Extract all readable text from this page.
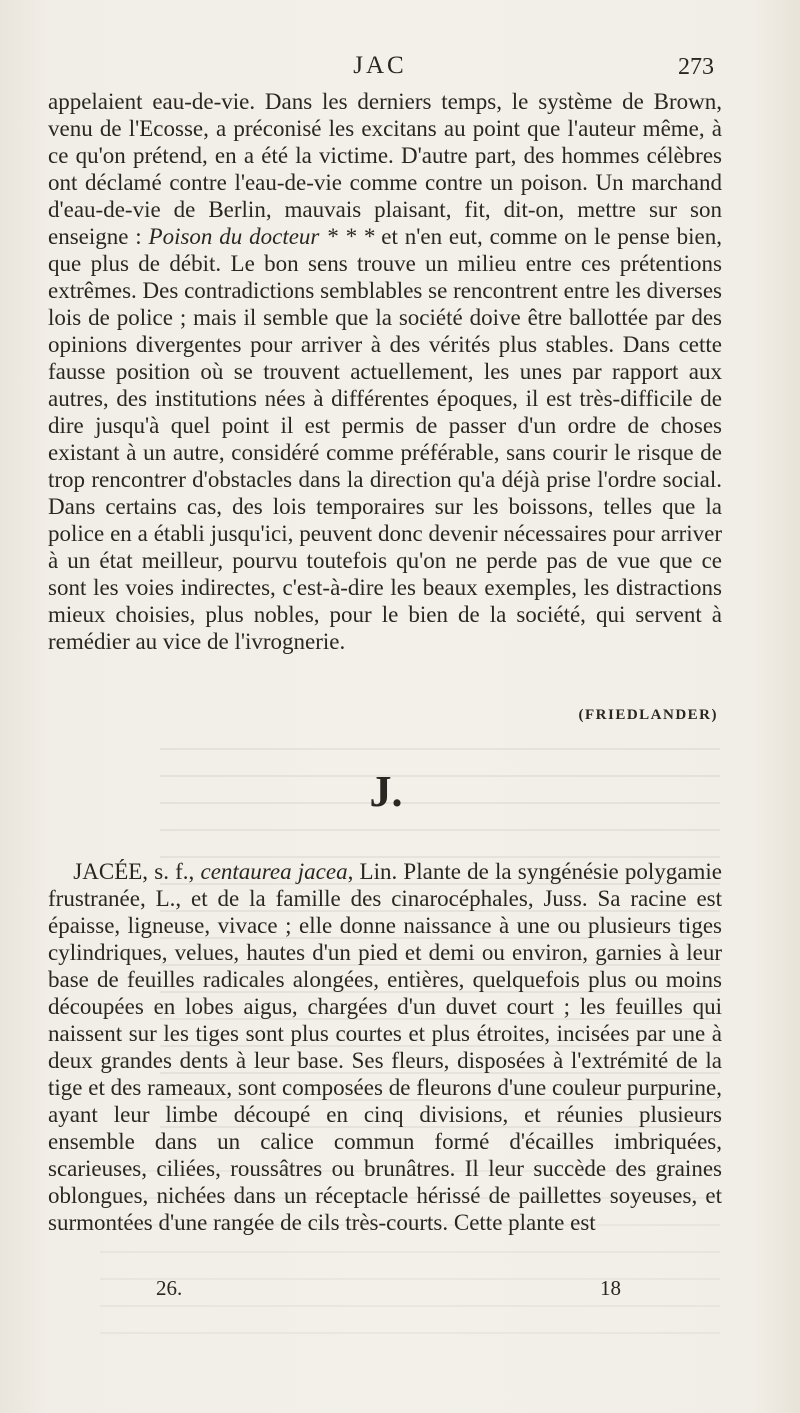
JAC	273

appelaient eau-de-vie. Dans les derniers temps, le système de Brown, venu de l'Ecosse, a préconisé les excitans au point que l'auteur même, à ce qu'on prétend, en a été la victime. D'autre part, des hommes célèbres ont déclamé contre l'eau-de-vie comme contre un poison. Un marchand d'eau-de-vie de Berlin, mauvais plaisant, fit, dit-on, mettre sur son enseigne : Poison du docteur * * * et n'en eut, comme on le pense bien, que plus de débit. Le bon sens trouve un milieu entre ces prétentions extrêmes. Des contradictions semblables se rencontrent entre les diverses lois de police ; mais il semble que la société doive être ballottée par des opinions divergentes pour arriver à des vérités plus stables. Dans cette fausse position où se trouvent actuellement, les unes par rapport aux autres, des institutions nées à différentes époques, il est très-difficile de dire jusqu'à quel point il est permis de passer d'un ordre de choses existant à un autre, considéré comme préférable, sans courir le risque de trop rencontrer d'obstacles dans la direction qu'a déjà prise l'ordre social. Dans certains cas, des lois temporaires sur les boissons, telles que la police en a établi jusqu'ici, peuvent donc devenir nécessaires pour arriver à un état meilleur, pourvu toutefois qu'on ne perde pas de vue que ce sont les voies indirectes, c'est-à-dire les beaux exemples, les distractions mieux choisies, plus nobles, pour le bien de la société, qui servent à remédier au vice de l'ivrognerie.

(FRIEDLANDER)
J.

JACÉE, s. f., centaurea jacea, Lin. Plante de la syngénésie polygamie frustranée, L., et de la famille des cinarocéphales, Juss. Sa racine est épaisse, ligneuse, vivace ; elle donne naissance à une ou plusieurs tiges cylindriques, velues, hautes d'un pied et demi ou environ, garnies à leur base de feuilles radicales alongées, entières, quelquefois plus ou moins découpées en lobes aigus, chargées d'un duvet court ; les feuilles qui naissent sur les tiges sont plus courtes et plus étroites, incisées par une à deux grandes dents à leur base. Ses fleurs, disposées à l'extrémité de la tige et des rameaux, sont composées de fleurons d'une couleur purpurine, ayant leur limbe découpé en cinq divisions, et réunies plusieurs ensemble dans un calice commun formé d'écailles imbriquées, scarieuses, ciliées, roussâtres ou brunâtres. Il leur succède des graines oblongues, nichées dans un réceptacle hérissé de paillettes soyeuses, et surmontées d'une rangée de cils très-courts. Cette plante est

26.	18
